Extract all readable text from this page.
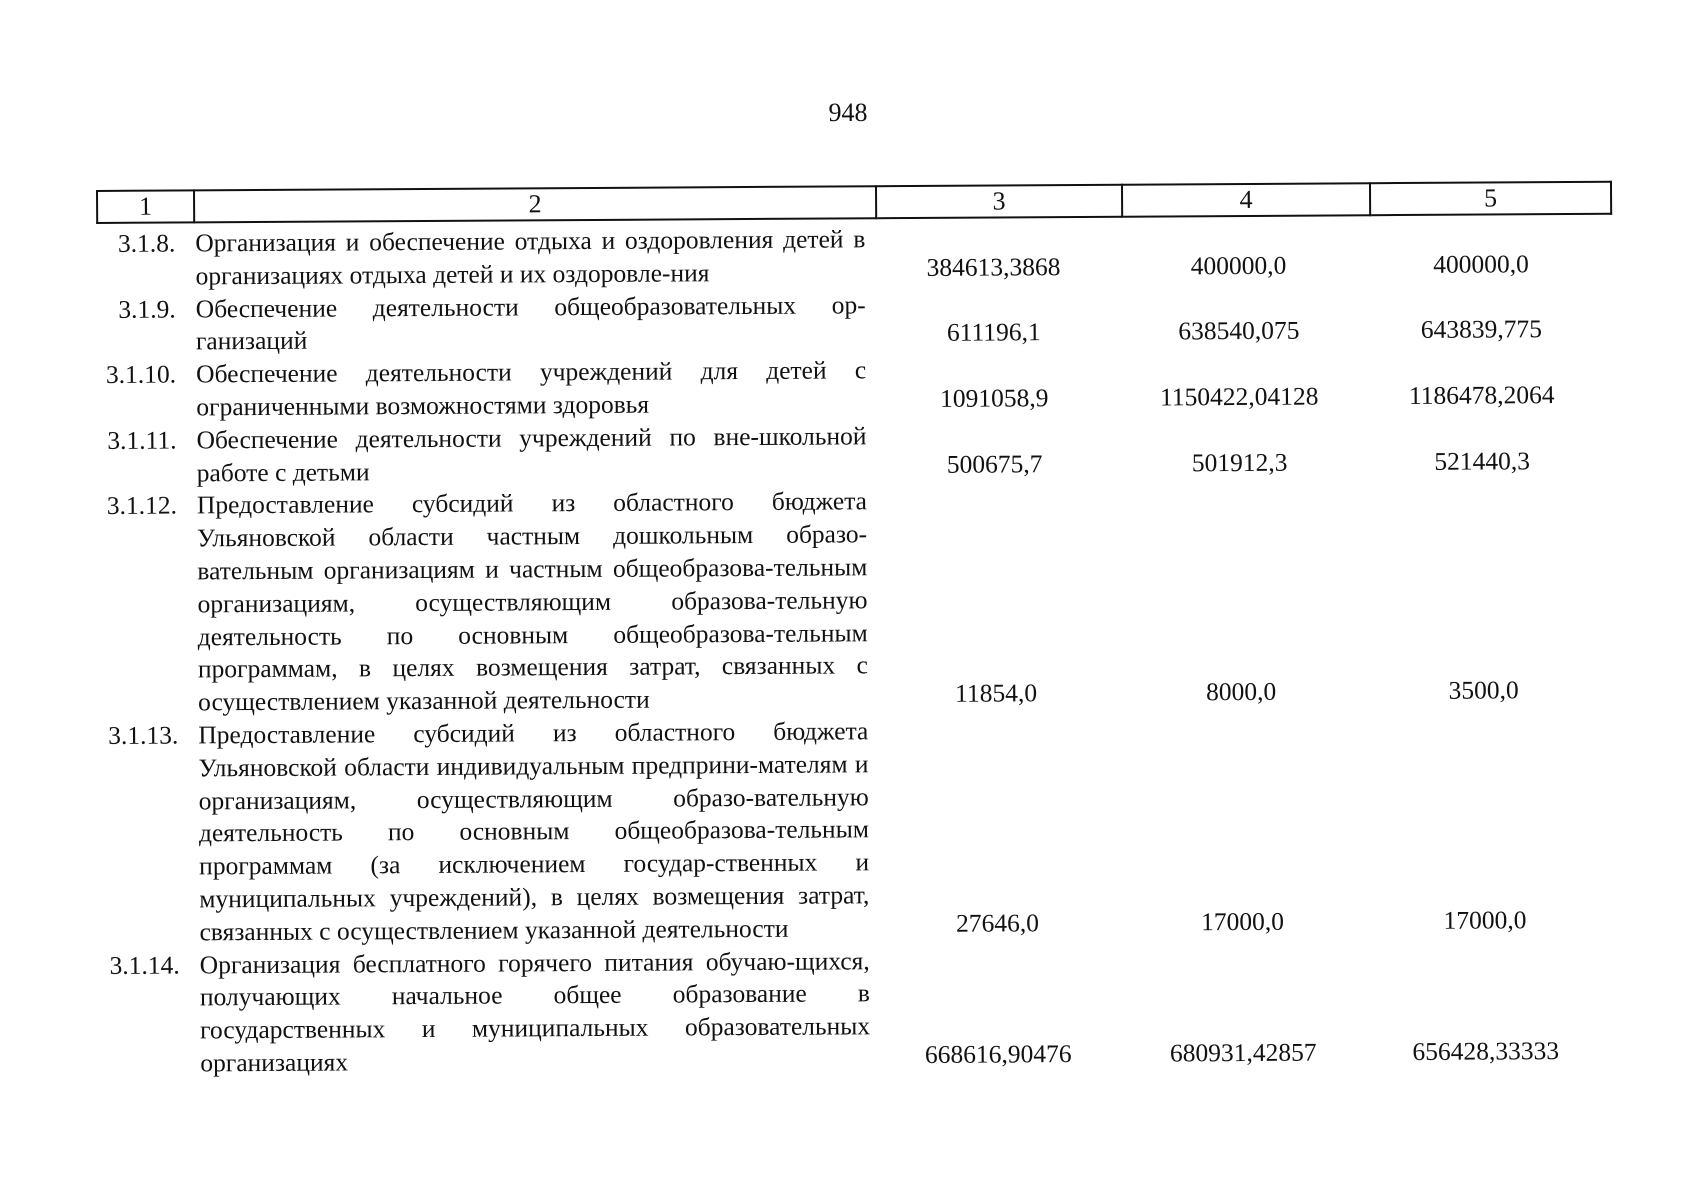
948
1	2	3	4	5
3.1.8.	Организация и обеспечение отдыха и оздоровления детей в организациях отдыха детей и их оздоровле-ния	384613,3868	400000,0	400000,0
3.1.9.	Обеспечение деятельности общеобразовательных ор-ганизаций	611196,1	638540,075	643839,775
3.1.10.	Обеспечение деятельности учреждений для детей с ограниченными возможностями здоровья	1091058,9	1150422,04128	1186478,2064
3.1.11.	Обеспечение деятельности учреждений по вне-школьной работе с детьми	500675,7	501912,3	521440,3
3.1.12.	Предоставление субсидий из областного бюджета Ульяновской области частным дошкольным образо-вательным организациям и частным общеобразова-тельным организациям, осуществляющим образова-тельную деятельность по основным общеобразова-тельным программам, в целях возмещения затрат, связанных с осуществлением указанной деятельности	11854,0	8000,0	3500,0
3.1.13.	Предоставление субсидий из областного бюджета Ульяновской области индивидуальным предприни-мателям и организациям, осуществляющим образо-вательную деятельность по основным общеобразова-тельным программам (за исключением государ-ственных и муниципальных учреждений), в целях возмещения затрат, связанных с осуществлением указанной деятельности	27646,0	17000,0	17000,0
3.1.14.	Организация бесплатного горячего питания обучаю-щихся, получающих начальное общее образование в государственных и муниципальных образовательных организациях	668616,90476	680931,42857	656428,33333
